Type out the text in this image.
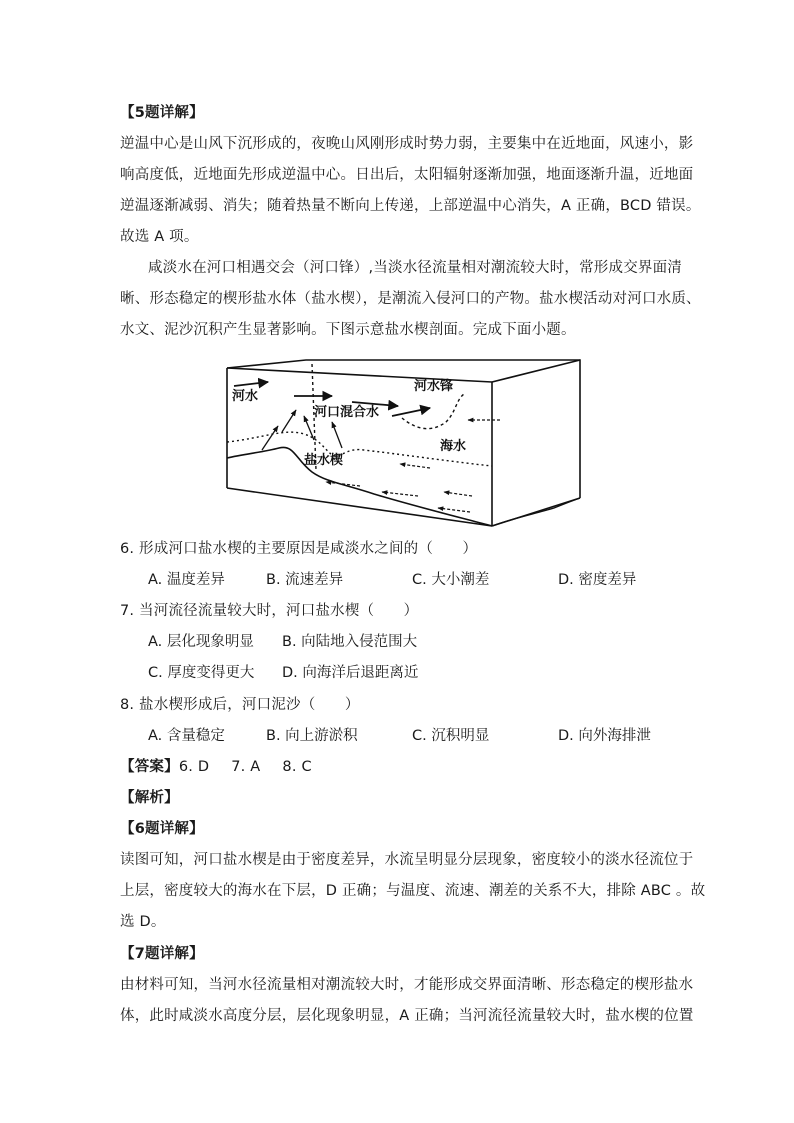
【5题详解】
逆温中心是山风下沉形成的，夜晚山风刚形成时势力弱，主要集中在近地面，风速小，影
响高度低，近地面先形成逆温中心。日出后，太阳辐射逐渐加强，地面逐渐升温，近地面
逆温逐渐减弱、消失；随着热量不断向上传递，上部逆温中心消失，A 正确，BCD 错误。
故选 A 项。
咸淡水在河口相遇交会（河口锋）,当淡水径流量相对潮流较大时，常形成交界面清
晰、形态稳定的楔形盐水体（盐水楔），是潮流入侵河口的产物。盐水楔活动对河口水质、
水文、泥沙沉积产生显著影响。下图示意盐水楔剖面。完成下面小题。
河水
河水锋
河口混合水
海水
盐水楔
6. 形成河口盐水楔的主要原因是咸淡水之间的（　　）
A. 温度差异	B. 流速差异	C. 大小潮差	D. 密度差异
7. 当河流径流量较大时，河口盐水楔（　　）
A. 层化现象明显 B. 向陆地入侵范围大
C. 厚度变得更大 D. 向海洋后退距离近
8. 盐水楔形成后，河口泥沙（　　）
A. 含量稳定	B. 向上游淤积	C. 沉积明显	D. 向外海排泄
【答案】6. D 7. A 8. C
【解析】
【6题详解】
读图可知，河口盐水楔是由于密度差异，水流呈明显分层现象，密度较小的淡水径流位于
上层，密度较大的海水在下层，D 正确；与温度、流速、潮差的关系不大，排除 ABC 。故
选 D。
【7题详解】
由材料可知，当河水径流量相对潮流较大时，才能形成交界面清晰、形态稳定的楔形盐水
体，此时咸淡水高度分层，层化现象明显，A 正确；当河流径流量较大时，盐水楔的位置
